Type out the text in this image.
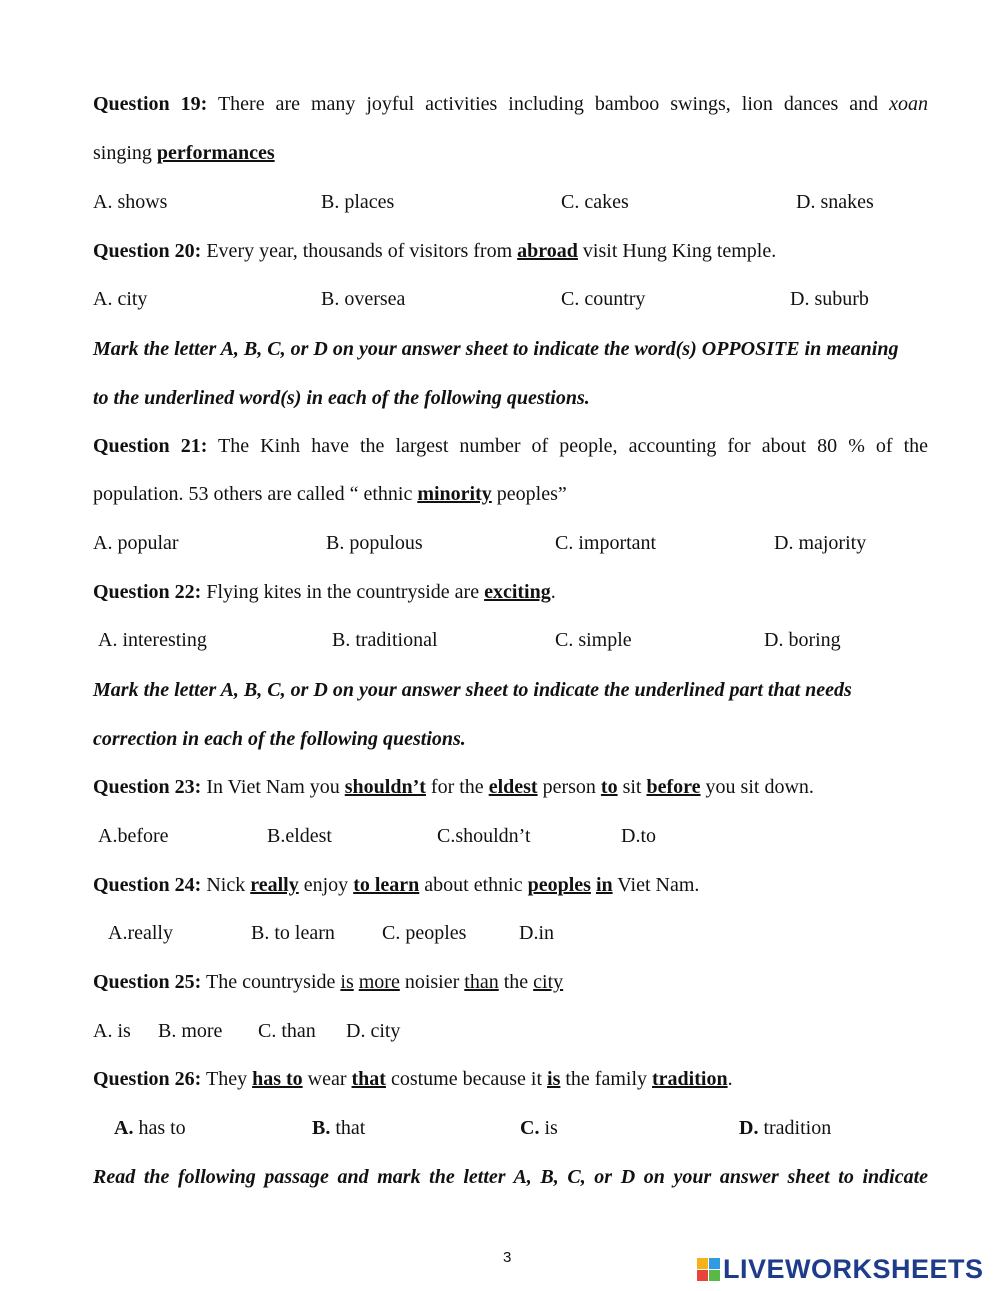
Question 19: There are many joyful activities including bamboo swings, lion dances and xoan
singing performances
A. shows	B. places	C. cakes	D. snakes
Question 20: Every year, thousands of visitors from abroad visit Hung King temple.
A. city	B. oversea	C. country	D. suburb
Mark the letter A, B, C, or D on your answer sheet to indicate the word(s) OPPOSITE in meaning
to the underlined word(s) in each of the following questions.
Question 21: The Kinh have the largest number of people, accounting for about 80 % of the
population. 53 others are called “ ethnic minority peoples”
A. popular	B. populous	C. important	D. majority
Question 22: Flying kites in the countryside are exciting.
A. interesting	B. traditional	C. simple	D. boring
Mark the letter A, B, C, or D on your answer sheet to indicate the underlined part that needs
correction in each of the following questions.
Question 23: In Viet Nam you shouldn’t for the eldest person to sit before you sit down.
A.before	B.eldest	C.shouldn’t	D.to
Question 24: Nick really enjoy to learn about ethnic peoples in Viet Nam.
A.really	B. to learn C. peoples	D.in
Question 25: The countryside is more noisier than the city
A. is B. more C. than D. city
Question 26: They has to wear that costume because it is the family tradition.
A. has to	B. that	C. is	D. tradition
Read the following passage and mark the letter A, B, C, or D on your answer sheet to indicate
3	LIVEWORKSHEETS
